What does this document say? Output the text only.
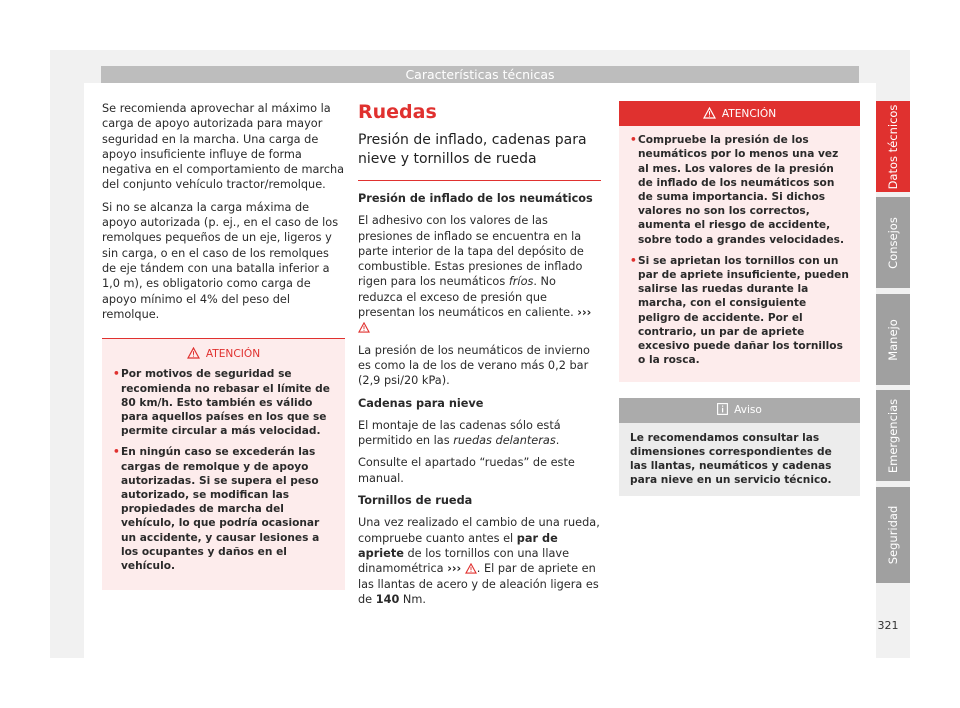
Características técnicas

Se recomienda aprovechar al máximo la carga de apoyo autorizada para mayor seguridad en la marcha. Una carga de apoyo insuficiente influye de forma negativa en el comportamiento de marcha del conjunto vehículo tractor/remolque.

Si no se alcanza la carga máxima de apoyo autorizada (p. ej., en el caso de los remolques pequeños de un eje, ligeros y sin carga, o en el caso de los remolques de eje tándem con una batalla inferior a 1,0 m), es obligatorio como carga de apoyo mínimo el 4% del peso del remolque.

ATENCIÓN

• Por motivos de seguridad se recomienda no rebasar el límite de 80 km/h. Esto también es válido para aquellos países en los que se permite circular a más velocidad.

• En ningún caso se excederán las cargas de remolque y de apoyo autorizadas. Si se supera el peso autorizado, se modifican las propiedades de marcha del vehículo, lo que podría ocasionar un accidente, y causar lesiones a los ocupantes y daños en el vehículo.

Ruedas
Presión de inflado, cadenas para nieve y tornillos de rueda

Presión de inflado de los neumáticos

El adhesivo con los valores de las presiones de inflado se encuentra en la parte interior de la tapa del depósito de combustible. Estas presiones de inflado rigen para los neumáticos fríos. No reduzca el exceso de presión que presentan los neumáticos en caliente. ›››

La presión de los neumáticos de invierno es como la de los de verano más 0,2 bar (2,9 psi/20 kPa).

Cadenas para nieve

El montaje de las cadenas sólo está permitido en las ruedas delanteras.

Consulte el apartado “ruedas” de este manual.

Tornillos de rueda

Una vez realizado el cambio de una rueda, compruebe cuanto antes el par de apriete de los tornillos con una llave dinamométrica ››› . El par de apriete en las llantas de acero y de aleación ligera es de 140 Nm.

ATENCIÓN

• Compruebe la presión de los neumáticos por lo menos una vez al mes. Los valores de la presión de inflado de los neumáticos son de suma importancia. Si dichos valores no son los correctos, aumenta el riesgo de accidente, sobre todo a grandes velocidades.

• Si se aprietan los tornillos con un par de apriete insuficiente, pueden salirse las ruedas durante la marcha, con el consiguiente peligro de accidente. Por el contrario, un par de apriete excesivo puede dañar los tornillos o la rosca.

Aviso
Le recomendamos consultar las dimensiones correspondientes de las llantas, neumáticos y cadenas para nieve en un servicio técnico.
Datos técnicos
Consejos
Manejo
Emergencias
Seguridad
321
